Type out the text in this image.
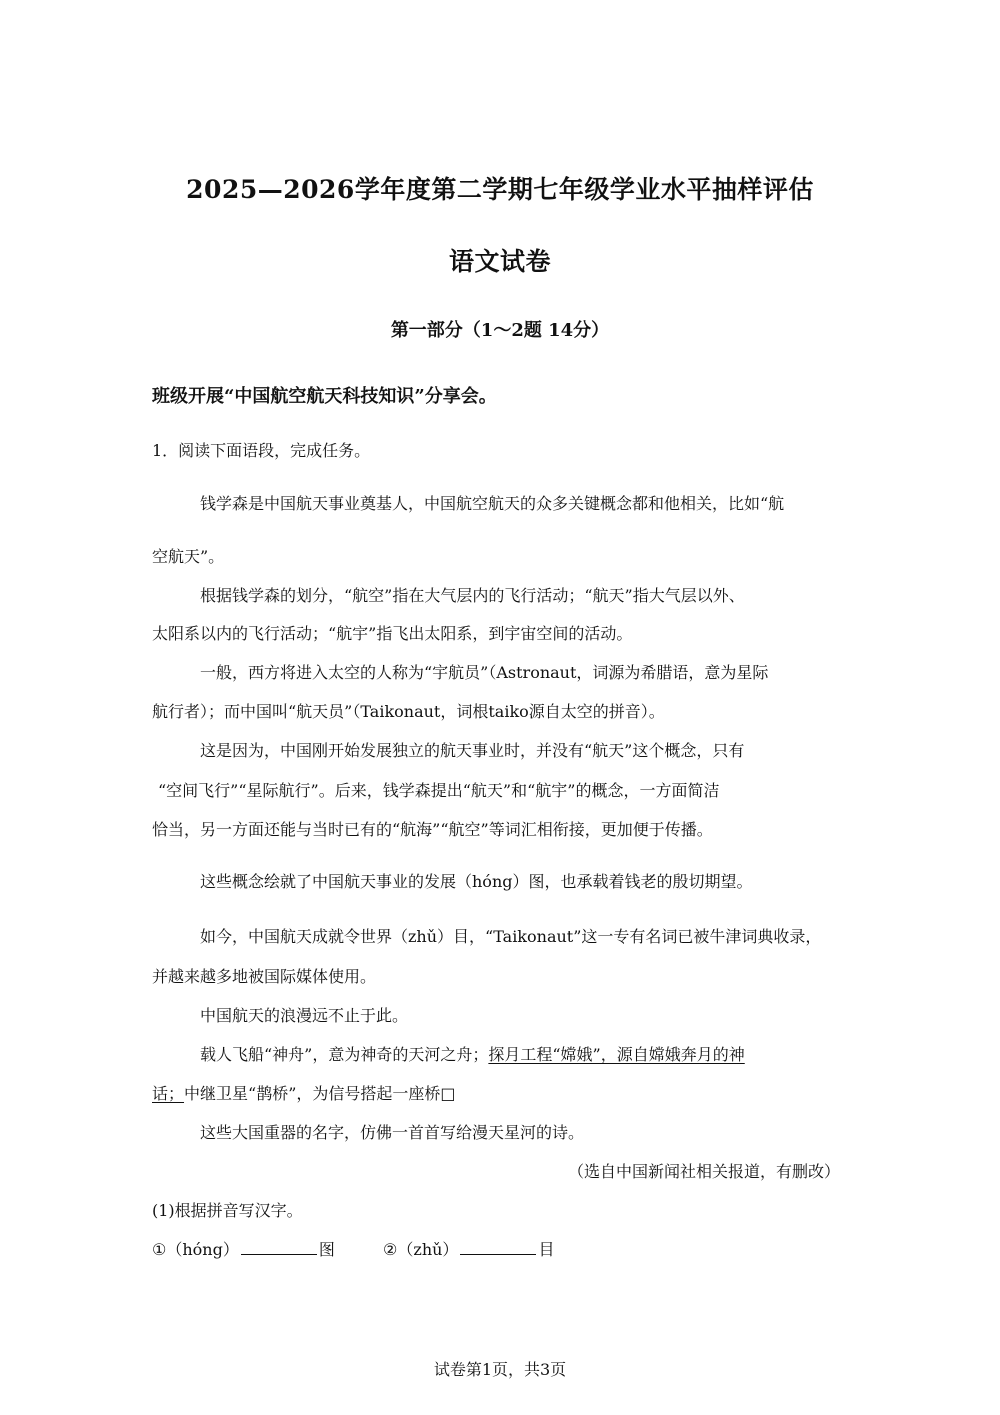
2025—2026学年度第二学期七年级学业水平抽样评估
语文试卷
第一部分（1～2题 14分）
班级开展“中国航空航天科技知识”分享会。
1．阅读下面语段，完成任务。
钱学森是中国航天事业奠基人，中国航空航天的众多关键概念都和他相关，比如“航
空航天”。
根据钱学森的划分，“航空”指在大气层内的飞行活动；“航天”指大气层以外、
太阳系以内的飞行活动；“航宇”指飞出太阳系，到宇宙空间的活动。
一般，西方将进入太空的人称为“宇航员”（Astronaut，词源为希腊语，意为星际
航行者）；而中国叫“航天员”（Taikonaut，词根taiko源自太空的拼音）。
这是因为，中国刚开始发展独立的航天事业时，并没有“航天”这个概念，只有
“空间飞行”“星际航行”。后来，钱学森提出“航天”和“航宇”的概念，一方面简洁
恰当，另一方面还能与当时已有的“航海”“航空”等词汇相衔接，更加便于传播。
这些概念绘就了中国航天事业的发展（hóng）图，也承载着钱老的殷切期望。
如今，中国航天成就令世界（zhǔ）目，“Taikonaut”这一专有名词已被牛津词典收录，
并越来越多地被国际媒体使用。
中国航天的浪漫远不止于此。
载人飞船“神舟”，意为神奇的天河之舟；探月工程“嫦娥”，源自嫦娥奔月的神
话；中继卫星“鹊桥”，为信号搭起一座桥□
这些大国重器的名字，仿佛一首首写给漫天星河的诗。
（选自中国新闻社相关报道，有删改）
(1)根据拼音写汉字。
①（hóng）	图	②（zhǔ）	目
试卷第1页，共3页
